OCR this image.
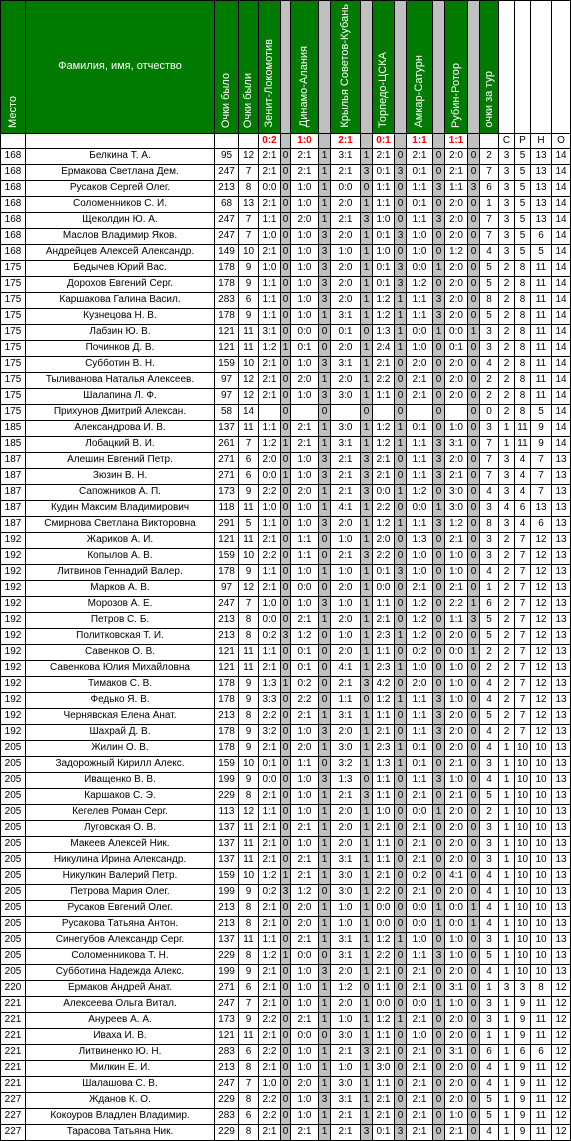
Место	Фамилия, имя, отчество	Очки было	Очки были	Зенит-Локомотив		Динамо-Алания		Крылья Советов-Кубань		Торпедо-ЦСКА		Амкар-Сатурн		Рубин-Ротор		очки за тур				
				0:2		1:0		2:1		0:1		1:1		1:1			С	Р	Н	О
168	Белкина Т. А.	95	12	2:1	0	2:1	1	3:1	1	2:1	0	2:1	0	2:0	0	2	3	5	13	14
168	Ермакова Светлана Дем.	247	7	2:1	0	2:1	1	2:1	3	0:1	3	0:1	0	2:1	0	7	3	5	13	14
168	Русаков Сергей Олег.	213	8	0:0	0	1:0	1	0:0	0	1:1	0	1:1	3	1:1	3	6	3	5	13	14
168	Соломенников С. И.	68	13	2:1	0	1:0	1	2:0	1	1:1	0	0:1	0	2:0	0	1	3	5	13	14
168	Щеколдин Ю. А.	247	7	1:1	0	2:0	1	2:1	3	1:0	0	1:1	3	2:0	0	7	3	5	13	14
168	Маслов Владимир Яков.	247	7	1:0	0	1:0	3	2:0	1	0:1	3	1:0	0	2:0	0	7	3	5	6	14
168	Андрейцев Алексей Александр.	149	10	2:1	0	1:0	3	1:0	1	1:0	0	1:0	0	1:2	0	4	3	5	5	14
175	Бедычев Юрий Вас.	178	9	1:0	0	1:0	3	2:0	1	0:1	3	0:0	1	2:0	0	5	2	8	11	14
175	Дорохов Евгений Серг.	178	9	1:1	0	1:0	3	2:0	1	0:1	3	1:2	0	2:0	0	5	2	8	11	14
175	Каршакова Галина Васил.	283	6	1:1	0	1:0	3	2:0	1	1:2	1	1:1	3	2:0	0	8	2	8	11	14
175	Кузнецова Н. В.	178	9	1:1	0	1:0	1	3:1	1	1:2	1	1:1	3	2:0	0	5	2	8	11	14
175	Лабзин Ю. В.	121	11	3:1	0	0:0	0	0:1	0	1:3	1	0:0	1	0:0	1	3	2	8	11	14
175	Починков Д. В.	121	11	1:2	1	0:1	0	2:0	1	2:4	1	1:0	0	0:1	0	3	2	8	11	14
175	Субботин В. Н.	159	10	2:1	0	1:0	3	3:1	1	2:1	0	2:0	0	2:0	0	4	2	8	11	14
175	Тыливанова Наталья Алексеев.	97	12	2:1	0	2:0	1	2:0	1	2:2	0	2:1	0	2:0	0	2	2	8	11	14
175	Шалапина Л. Ф.	97	12	2:1	0	1:0	3	3:0	1	1:1	0	2:1	0	2:0	0	2	2	8	11	14
175	Прихунов Дмитрий Алексан.	58	14		0		0		0		0		0		0	0	2	8	5	14
185	Александрова И. В.	137	11	1:1	0	2:1	1	3:0	1	1:2	1	0:1	0	1:0	0	3	1	11	9	14
185	Лобацкий В. И.	261	7	1:2	1	2:1	1	3:1	1	1:2	1	1:1	3	3:1	0	7	1	11	9	14
187	Алешин Евгений Петр.	271	6	2:0	0	1:0	3	2:1	3	2:1	0	1:1	3	2:0	0	7	3	4	7	13
187	Зюзин В. Н.	271	6	0:0	1	1:0	3	2:1	3	2:1	0	1:1	3	2:1	0	7	3	4	7	13
187	Сапожников А. П.	173	9	2:2	0	2:0	1	2:1	3	0:0	1	1:2	0	3:0	0	4	3	4	7	13
187	Кудин Максим Владимирович	118	11	1:0	0	1:0	1	4:1	1	2:2	0	0:0	1	3:0	0	3	4	6	13	13
187	Смирнова Светлана Викторовна	291	5	1:1	0	1:0	3	2:0	1	1:2	1	1:1	3	1:2	0	8	3	4	6	13
192	Жариков А. И.	121	11	2:1	0	1:1	0	1:0	1	2:0	0	1:3	0	2:1	0	3	2	7	12	13
192	Копылов А. В.	159	10	2:2	0	1:1	0	2:1	3	2:2	0	1:0	0	1:0	0	3	2	7	12	13
192	Литвинов Геннадий Валер.	178	9	1:1	0	1:0	1	1:0	1	0:1	3	1:0	0	1:0	0	4	2	7	12	13
192	Марков А. В.	97	12	2:1	0	0:0	0	2:0	1	0:0	0	2:1	0	2:1	0	1	2	7	12	13
192	Морозов А. Е.	247	7	1:0	0	1:0	3	1:0	1	1:1	0	1:2	0	2:2	1	6	2	7	12	13
192	Петров С. Б.	213	8	0:0	0	2:1	1	2:0	1	2:1	0	1:2	0	1:1	3	5	2	7	12	13
192	Политковская Т. И.	213	8	0:2	3	1:2	0	1:0	1	2:3	1	1:2	0	2:0	0	5	2	7	12	13
192	Савенков О. В.	121	11	1:1	0	0:1	0	2:0	1	1:1	0	0:2	0	0:0	1	2	2	7	12	13
192	Савенкова Юлия Михайловна	121	11	2:1	0	0:1	0	4:1	1	2:3	1	1:0	0	1:0	0	2	2	7	12	13
192	Тимаков С. В.	178	9	1:3	1	0:2	0	2:1	3	4:2	0	2:0	0	1:0	0	4	2	7	12	13
192	Федько Я. В.	178	9	3:3	0	2:2	0	1:1	0	1:2	1	1:1	3	1:0	0	4	2	7	12	13
192	Чернявская Елена Анат.	213	8	2:2	0	2:1	1	3:1	1	1:1	0	1:1	3	2:0	0	5	2	7	12	13
192	Шахрай Д. В.	178	9	3:2	0	1:0	3	2:0	1	2:1	0	1:1	3	2:0	0	4	2	7	12	13
205	Жилин О. В.	178	9	2:1	0	2:0	1	3:0	1	2:3	1	0:1	0	2:0	0	4	1	10	10	13
205	Задорожный Кирилл Алекс.	159	10	0:1	0	1:1	0	3:2	1	1:3	1	0:1	0	2:1	0	3	1	10	10	13
205	Иващенко В. В.	199	9	0:0	0	1:0	3	1:3	0	1:1	0	1:1	3	1:0	0	4	1	10	10	13
205	Каршаков С. Э.	229	8	2:1	0	1:0	1	2:1	3	1:1	0	2:1	0	2:1	0	5	1	10	10	13
205	Кегелев Роман Серг.	113	12	1:1	0	1:0	1	2:0	1	1:0	0	0:0	1	2:0	0	2	1	10	10	13
205	Луговская О. В.	137	11	2:1	0	2:1	1	2:0	1	2:1	0	2:1	0	2:0	0	3	1	10	10	13
205	Макеев Алексей Ник.	137	11	2:1	0	1:0	1	2:0	1	1:1	0	2:1	0	2:0	0	3	1	10	10	13
205	Никулина Ирина Александр.	137	11	2:1	0	2:1	1	3:1	1	1:1	0	2:1	0	2:0	0	3	1	10	10	13
205	Никулкин Валерий Петр.	159	10	1:2	1	2:1	1	3:0	1	2:1	0	0:2	0	4:1	0	4	1	10	10	13
205	Петрова Мария Олег.	199	9	0:2	3	1:2	0	3:0	1	2:2	0	2:1	0	2:0	0	4	1	10	10	13
205	Русаков Евгений Олег.	213	8	2:1	0	2:0	1	1:0	1	0:0	0	0:0	1	0:0	1	4	1	10	10	13
205	Русакова Татьяна Антон.	213	8	2:1	0	2:0	1	1:0	1	0:0	0	0:0	1	0:0	1	4	1	10	10	13
205	Синегубов Александр Серг.	137	11	1:1	0	2:1	1	3:1	1	1:2	1	1:0	0	1:0	0	3	1	10	10	13
205	Соломенникова Т. Н.	229	8	1:2	1	0:0	0	3:1	1	2:2	0	1:1	3	1:0	0	5	1	10	10	13
205	Субботина Надежда Алекс.	199	9	2:1	0	1:0	3	2:0	1	2:1	0	2:1	0	2:0	0	4	1	10	10	13
220	Ермаков Андрей Анат.	271	6	2:1	0	1:0	1	1:2	0	1:1	0	2:1	0	3:1	0	1	3	3	8	12
221	Алексеева Ольга Витал.	247	7	2:1	0	1:0	1	2:0	1	0:0	0	0:0	1	1:0	0	3	1	9	11	12
221	Ануреев А. А.	173	9	2:2	0	2:1	1	1:0	1	1:2	1	2:1	0	2:0	0	3	1	9	11	12
221	Иваха И. В.	121	11	2:1	0	0:0	0	3:0	1	1:1	0	1:0	0	2:0	0	1	1	9	11	12
221	Литвиненко Ю. Н.	283	6	2:2	0	1:0	1	2:1	3	2:1	0	2:1	0	3:1	0	6	1	6	6	12
221	Милкин Е. И.	213	8	2:1	0	1:0	1	1:0	1	3:0	0	2:1	0	2:0	0	4	1	9	11	12
221	Шалашова С. В.	247	7	1:0	0	2:0	1	3:0	1	1:1	0	2:1	0	2:0	0	4	1	9	11	12
227	Жданов К. О.	229	8	2:2	0	1:0	3	3:1	1	2:1	0	2:1	0	2:0	0	5	1	9	11	12
227	Кокоуров Владлен Владимир.	283	6	2:2	0	1:0	1	2:1	1	2:1	0	2:1	0	1:0	0	5	1	9	11	12
227	Тарасова Татьяна Ник.	229	8	2:1	0	2:1	1	2:1	3	0:1	3	2:1	0	2:1	0	4	1	9	11	12
